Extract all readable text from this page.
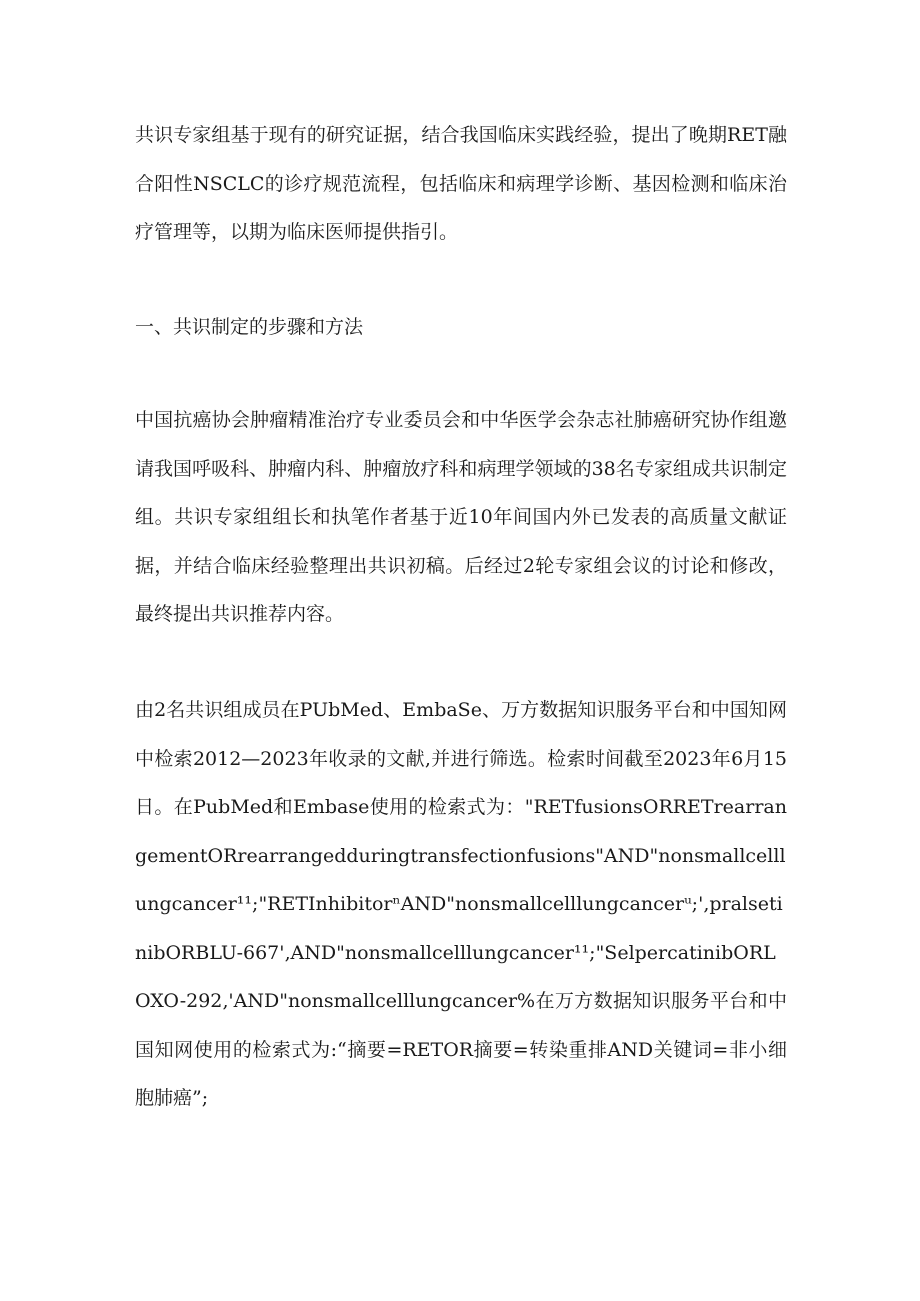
共识专家组基于现有的研究证据，结合我国临床实践经验，提出了晚期RET融合阳性NSCLC的诊疗规范流程，包括临床和病理学诊断、基因检测和临床治疗管理等，以期为临床医师提供指引。

一、共识制定的步骤和方法

中国抗癌协会肿瘤精准治疗专业委员会和中华医学会杂志社肺癌研究协作组邀请我国呼吸科、肿瘤内科、肿瘤放疗科和病理学领域的38名专家组成共识制定组。共识专家组组长和执笔作者基于近10年间国内外已发表的高质量文献证据，并结合临床经验整理出共识初稿。后经过2轮专家组会议的讨论和修改，最终提出共识推荐内容。

由2名共识组成员在PUbMed、EmbaSe、万方数据知识服务平台和中国知网中检索2012—2023年收录的文献,并进行筛选。检索时间截至2023年6月15日。在PubMed和Embase使用的检索式为："RETfusionsORRETrearrangementORrearrangedduringtransfectionfusions"AND"nonsmallcelllungcancer¹¹;"RETInhibitorⁿAND"nonsmallcelllungcancerᵘ;'‚pralsetinibORBLU-667'‚AND"nonsmallcelllungcancer¹¹;"SelpercatinibORLOXO-292‚'AND"nonsmallcelllungcancer%在万方数据知识服务平台和中国知网使用的检索式为:“摘要=RETOR摘要=转染重排AND关键词=非小细胞肺癌”;
